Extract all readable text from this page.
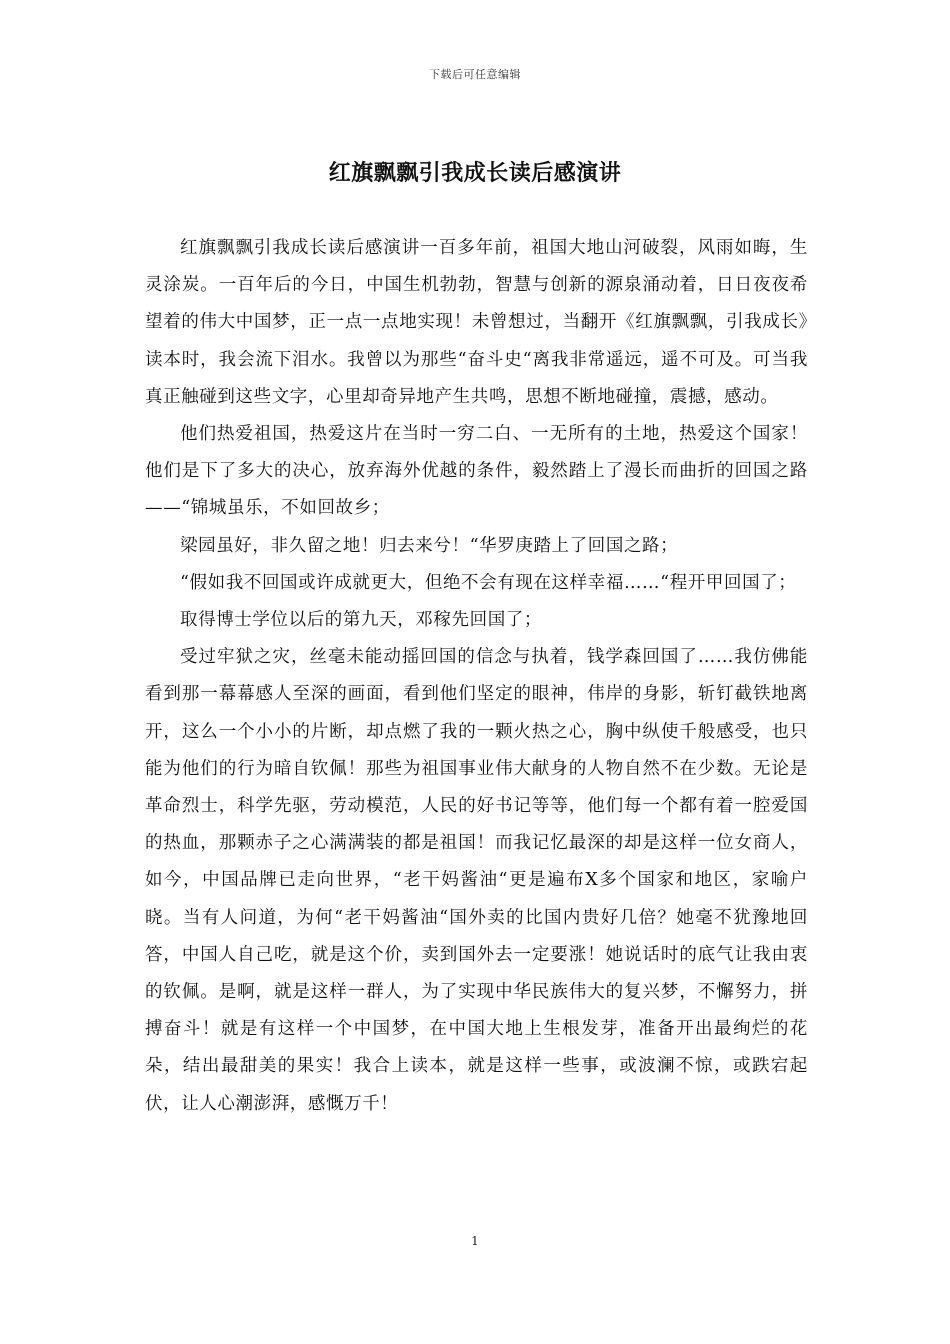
下载后可任意编辑
红旗飘飘引我成长读后感演讲

红旗飘飘引我成长读后感演讲一百多年前，祖国大地山河破裂，风雨如晦，生灵涂炭。一百年后的今日，中国生机勃勃，智慧与创新的源泉涌动着，日日夜夜希望着的伟大中国梦，正一点一点地实现！未曾想过，当翻开《红旗飘飘，引我成长》读本时，我会流下泪水。我曾以为那些“奋斗史“离我非常遥远，遥不可及。可当我真正触碰到这些文字，心里却奇异地产生共鸣，思想不断地碰撞，震撼，感动。

他们热爱祖国，热爱这片在当时一穷二白、一无所有的土地，热爱这个国家！他们是下了多大的决心，放弃海外优越的条件，毅然踏上了漫长而曲折的回国之路——“锦城虽乐，不如回故乡；

梁园虽好，非久留之地！归去来兮！“华罗庚踏上了回国之路；

“假如我不回国或许成就更大，但绝不会有现在这样幸福……“程开甲回国了；

取得博士学位以后的第九天，邓稼先回国了；

受过牢狱之灾，丝毫未能动摇回国的信念与执着，钱学森回国了……我仿佛能看到那一幕幕感人至深的画面，看到他们坚定的眼神，伟岸的身影，斩钉截铁地离开，这么一个小小的片断，却点燃了我的一颗火热之心，胸中纵使千般感受，也只能为他们的行为暗自钦佩！那些为祖国事业伟大献身的人物自然不在少数。无论是革命烈士，科学先驱，劳动模范，人民的好书记等等，他们每一个都有着一腔爱国的热血，那颗赤子之心满满装的都是祖国！而我记忆最深的却是这样一位女商人，如今，中国品牌已走向世界，“老干妈酱油“更是遍布X多个国家和地区，家喻户晓。当有人问道，为何“老干妈酱油“国外卖的比国内贵好几倍？她毫不犹豫地回答，中国人自己吃，就是这个价，卖到国外去一定要涨！她说话时的底气让我由衷的钦佩。是啊，就是这样一群人，为了实现中华民族伟大的复兴梦，不懈努力，拼搏奋斗！就是有这样一个中国梦，在中国大地上生根发芽，准备开出最绚烂的花朵，结出最甜美的果实！我合上读本，就是这样一些事，或波澜不惊，或跌宕起伏，让人心潮澎湃，感慨万千！

1
